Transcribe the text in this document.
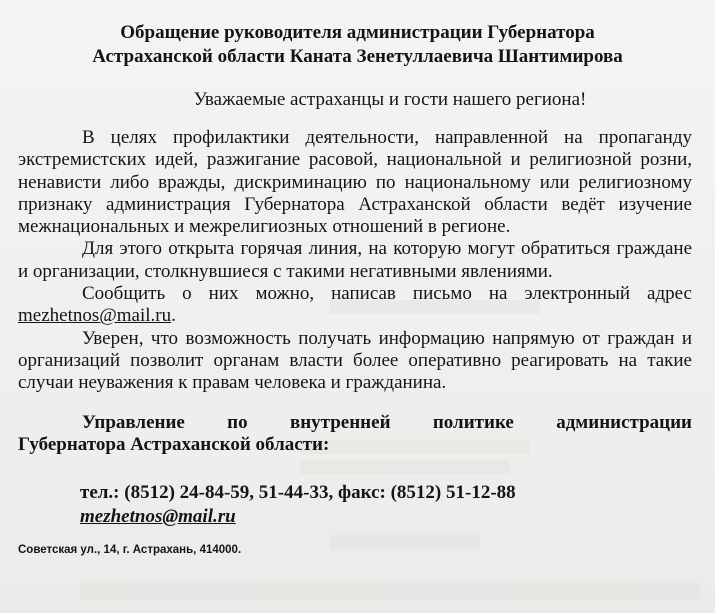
Обращение руководителя администрации Губернатора
Астраханской области Каната Зенетуллаевича Шантимирова
Уважаемые астраханцы и гости нашего региона!

В целях профилактики деятельности, направленной на пропаганду экстремистских идей, разжигание расовой, национальной и религиозной розни, ненависти либо вражды, дискриминацию по национальному или религиозному признаку администрация Губернатора Астраханской области ведёт изучение межнациональных и межрелигиозных отношений в регионе.

Для этого открыта горячая линия, на которую могут обратиться граждане и организации, столкнувшиеся с такими негативными явлениями.

Сообщить о них можно, написав письмо на электронный адрес mezhetnos@mail.ru.

Уверен, что возможность получать информацию напрямую от граждан и организаций позволит органам власти более оперативно реагировать на такие случаи неуважения к правам человека и гражданина.

Управление по внутренней политике администрации
Губернатора Астраханской области:
тел.: (8512) 24-84-59, 51-44-33, факс: (8512) 51-12-88
mezhetnos@mail.ru
Советская ул., 14, г. Астрахань, 414000.
